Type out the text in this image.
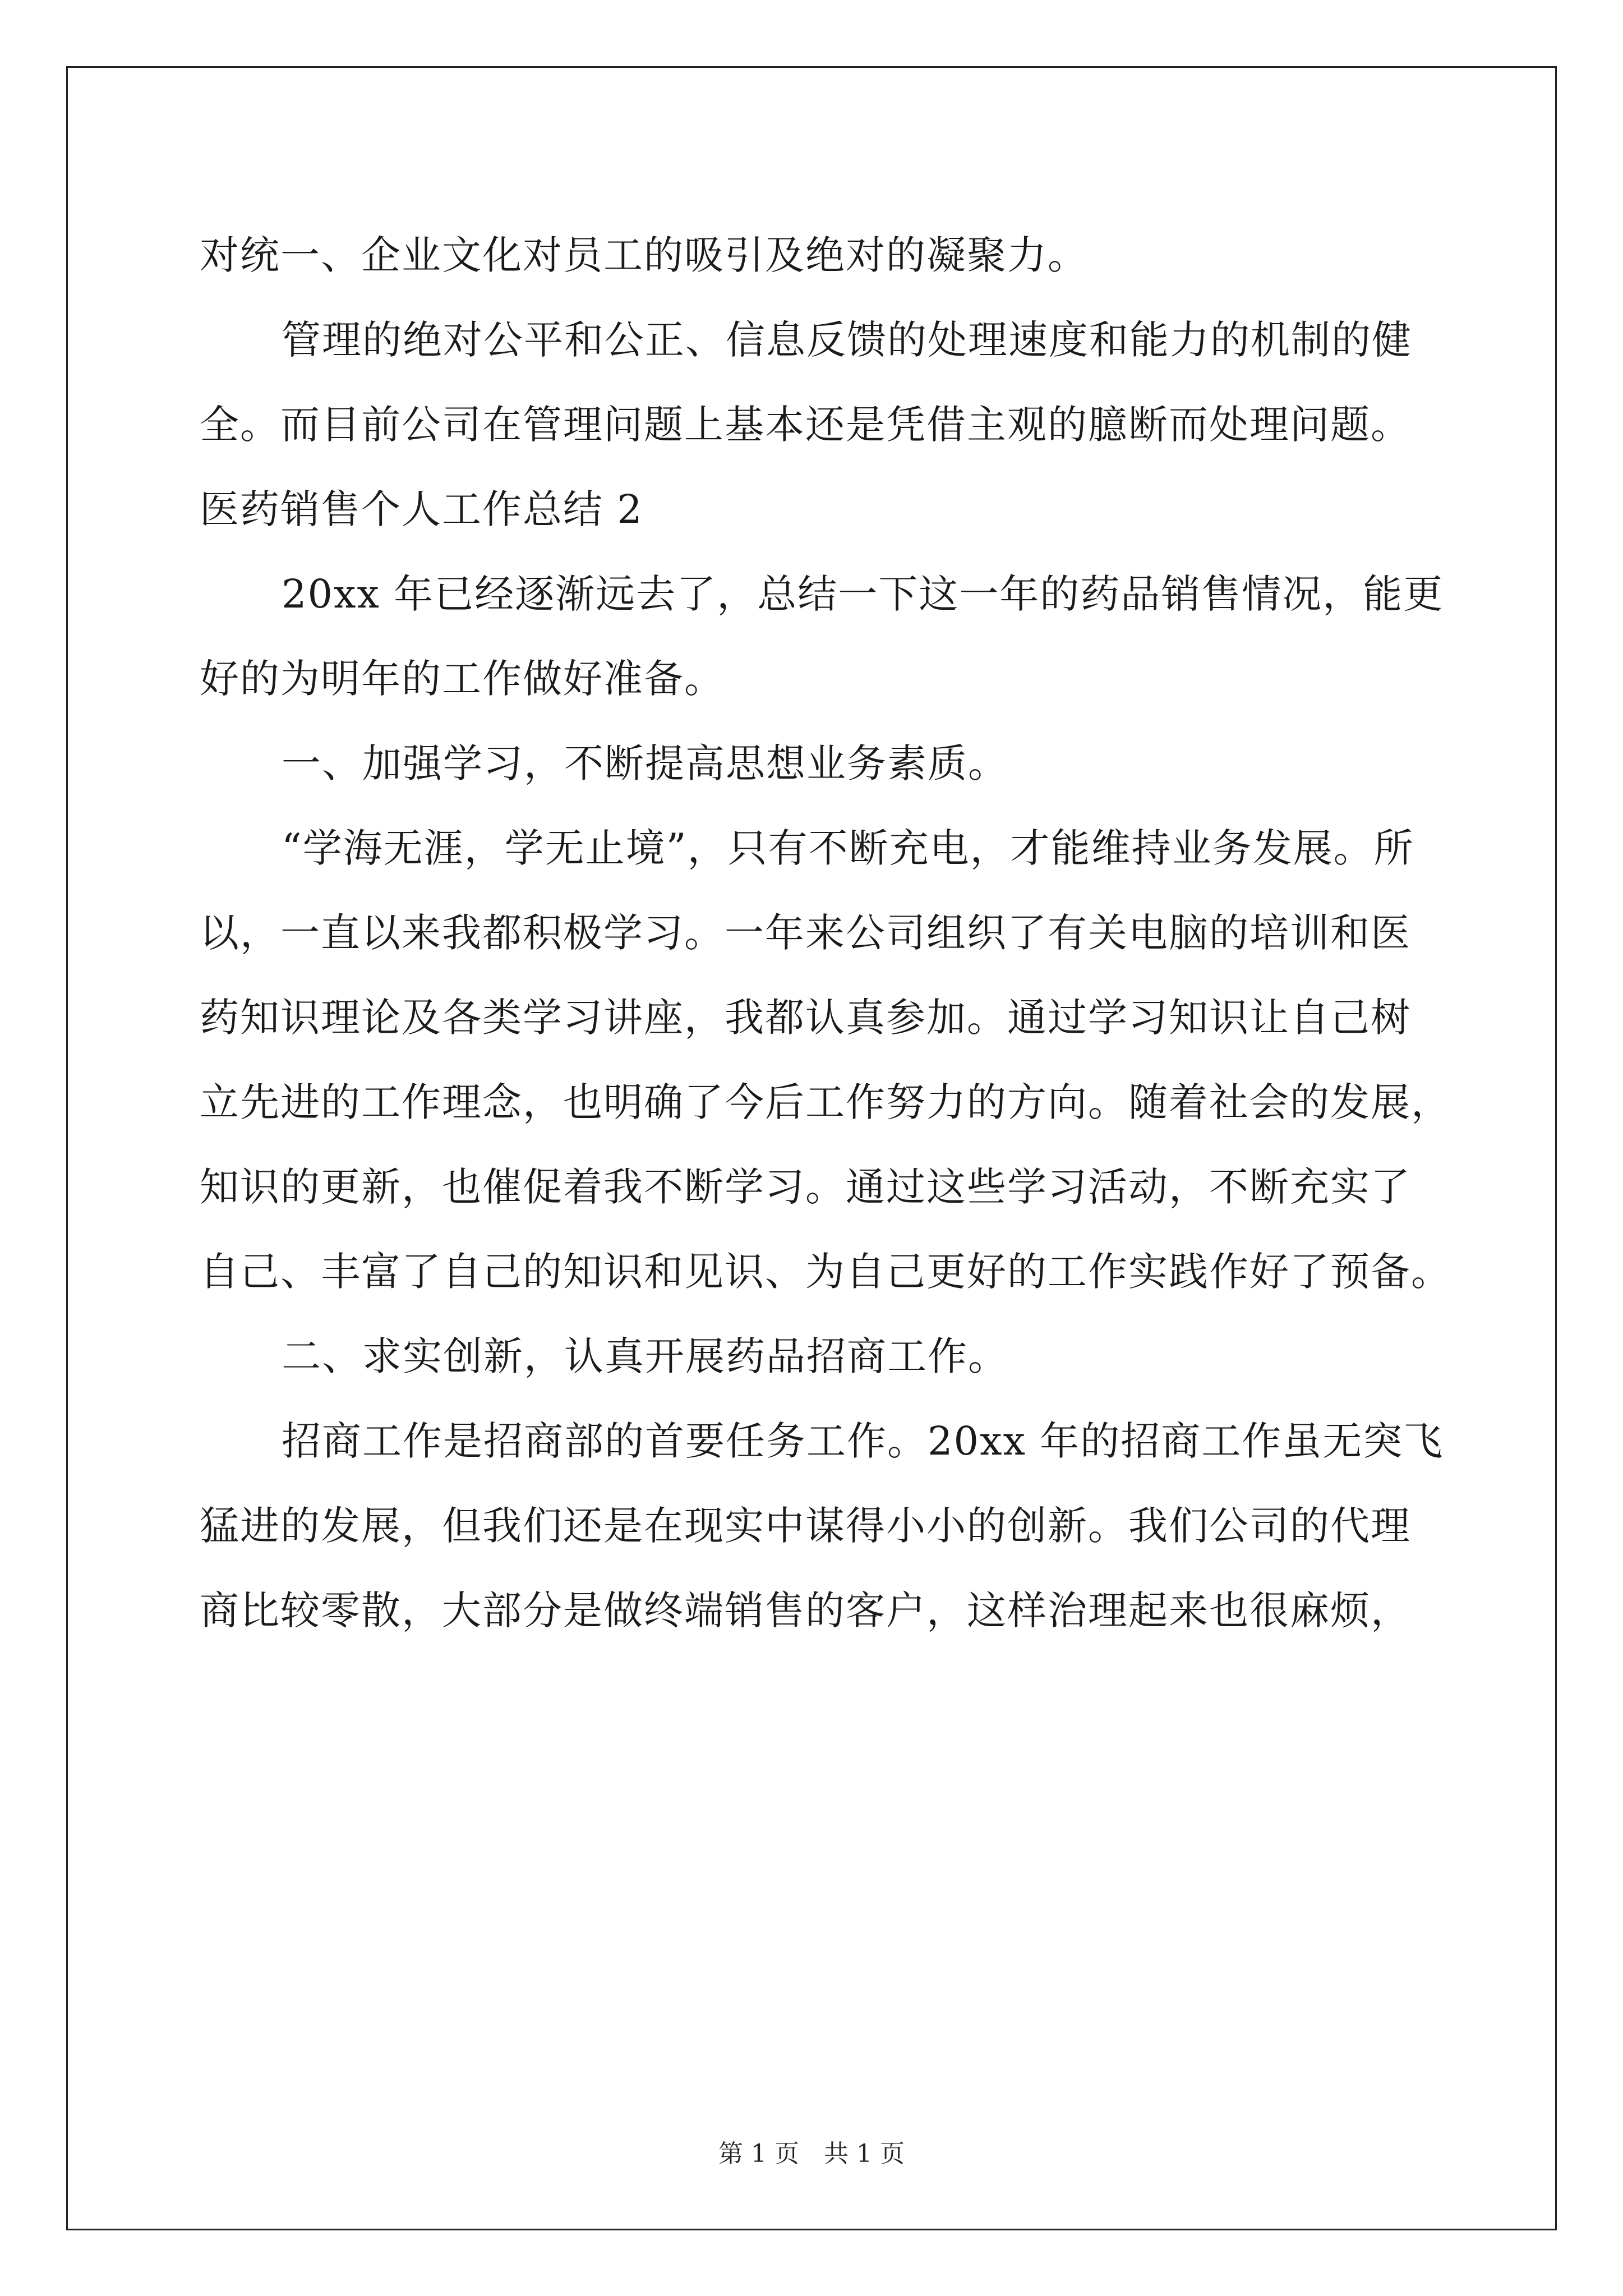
对统一、企业文化对员工的吸引及绝对的凝聚力。
管理的绝对公平和公正、信息反馈的处理速度和能力的机制的健
全。而目前公司在管理问题上基本还是凭借主观的臆断而处理问题。
医药销售个人工作总结 2
20xx 年已经逐渐远去了，总结一下这一年的药品销售情况，能更
好的为明年的工作做好准备。
一、加强学习，不断提高思想业务素质。
“学海无涯，学无止境”，只有不断充电，才能维持业务发展。所
以，一直以来我都积极学习。一年来公司组织了有关电脑的培训和医
药知识理论及各类学习讲座，我都认真参加。通过学习知识让自己树
立先进的工作理念，也明确了今后工作努力的方向。随着社会的发展，
知识的更新，也催促着我不断学习。通过这些学习活动，不断充实了
自己、丰富了自己的知识和见识、为自己更好的工作实践作好了预备。
二、求实创新，认真开展药品招商工作。
招商工作是招商部的首要任务工作。20xx 年的招商工作虽无突飞
猛进的发展，但我们还是在现实中谋得小小的创新。我们公司的代理
商比较零散，大部分是做终端销售的客户，这样治理起来也很麻烦，
第 1 页　共 1 页
